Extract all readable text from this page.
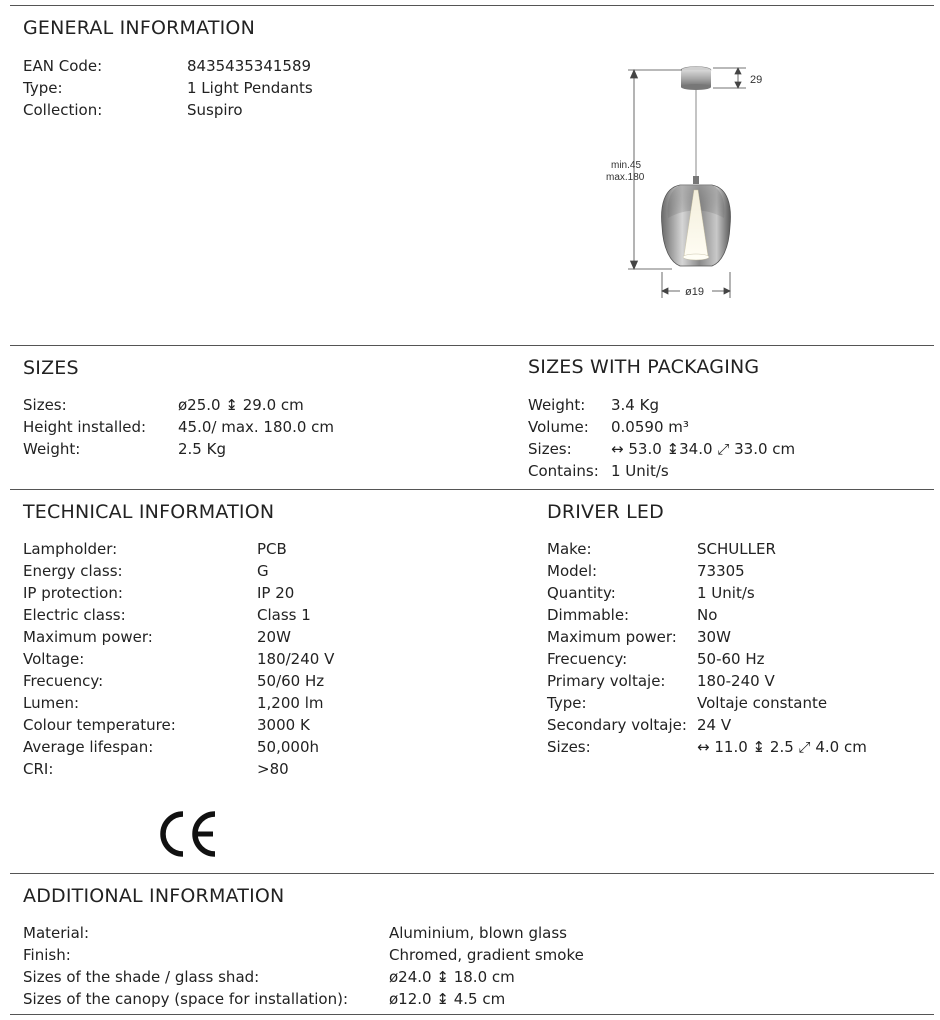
GENERAL INFORMATION
EAN Code:	8435435341589
Type:	1 Light Pendants
Collection:	Suspiro
min.45
max.180
29
ø19
SIZES
Sizes:	ø25.0 ↨ 29.0 cm
Height installed: 45.0/ max. 180.0 cm
Weight:	2.5 Kg
SIZES WITH PACKAGING
Weight: 3.4 Kg
Volume: 0.0590 m³
Sizes:	↔ 53.0 ↨34.0 ⤢ 33.0 cm
Contains: 1 Unit/s
TECHNICAL INFORMATION
Lampholder:	PCB
Energy class:	G
IP protection:	IP 20
Electric class:	Class 1
Maximum power:	20W
Voltage:	180/240 V
Frecuency:	50/60 Hz
Lumen:	1,200 lm
Colour temperature:	3000 K
Average lifespan:	50,000h
CRI:	>80
DRIVER LED
Make:	SCHULLER
Model:	73305
Quantity:	1 Unit/s
Dimmable:	No
Maximum power: 30W
Frecuency:	50-60 Hz
Primary voltaje: 180-240 V
Type:	Voltaje constante
Secondary voltaje: 24 V
Sizes:	↔ 11.0 ↨ 2.5 ⤢ 4.0 cm
ADDITIONAL INFORMATION
Material:	Aluminium, blown glass
Finish:	Chromed, gradient smoke
Sizes of the shade / glass shad:	ø24.0 ↨ 18.0 cm
Sizes of the canopy (space for installation):	ø12.0 ↨ 4.5 cm
